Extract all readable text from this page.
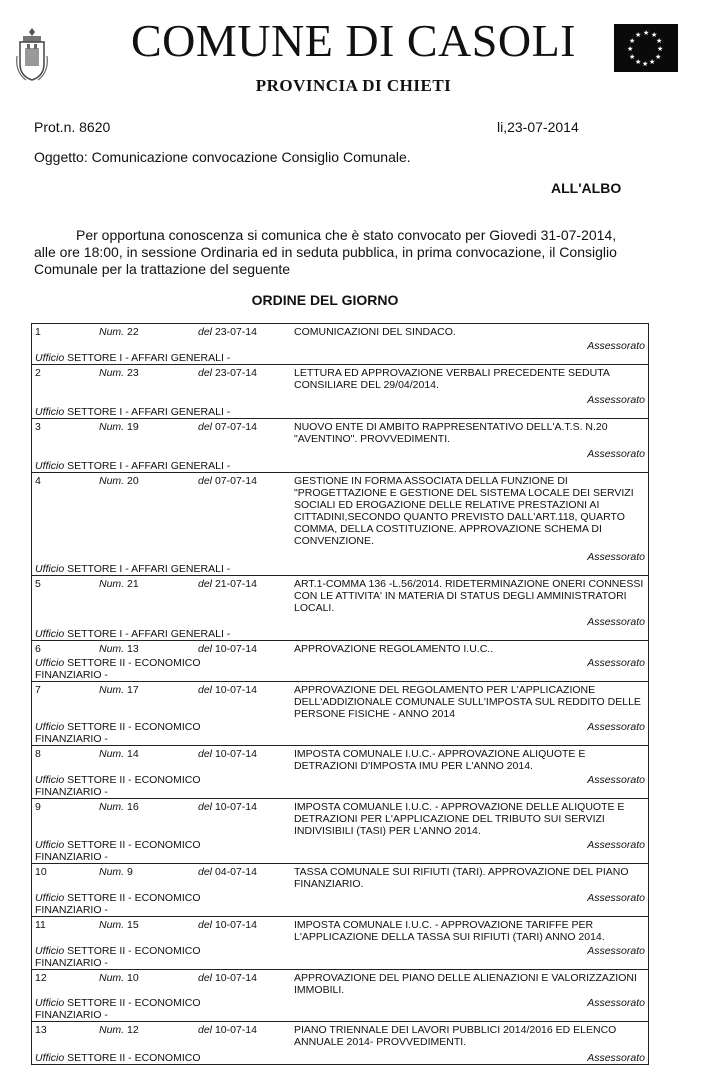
★ ★
★
★
★
★
★
★
★
★
★
★
COMUNE DI CASOLI
PROVINCIA DI CHIETI
Prot.n. 8620	li,23-07-2014
Oggetto: Comunicazione convocazione Consiglio Comunale.
ALL'ALBO
Per opportuna conoscenza si comunica che è stato convocato per Giovedi 31-07-2014, alle ore 18:00, in sessione Ordinaria ed in seduta pubblica, in prima convocazione, il Consiglio Comunale per la trattazione del seguente
ORDINE DEL GIORNO
1	Num. 22	del 23-07-14	COMUNICAZIONI DEL SINDACO.
Ufficio SETTORE I - AFFARI GENERALI -
Assessorato

2	Num. 23	del 23-07-14	LETTURA ED APPROVAZIONE VERBALI PRECEDENTE SEDUTA CONSILIARE DEL 29/04/2014.
Ufficio SETTORE I - AFFARI GENERALI -
Assessorato

3	Num. 19	del 07-07-14	NUOVO ENTE DI AMBITO RAPPRESENTATIVO DELL'A.T.S. N.20 "AVENTINO". PROVVEDIMENTI.
Ufficio SETTORE I - AFFARI GENERALI -
Assessorato

4	Num. 20	del 07-07-14	GESTIONE IN FORMA ASSOCIATA DELLA FUNZIONE DI "PROGETTAZIONE E GESTIONE DEL SISTEMA LOCALE DEI SERVIZI SOCIALI ED EROGAZIONE DELLE RELATIVE PRESTAZIONI AI CITTADINI,SECONDO QUANTO PREVISTO DALL'ART.118, QUARTO COMMA, DELLA COSTITUZIONE. APPROVAZIONE SCHEMA DI CONVENZIONE.
Ufficio SETTORE I - AFFARI GENERALI -
Assessorato

5	Num. 21	del 21-07-14	ART.1-COMMA 136 -L.56/2014. RIDETERMINAZIONE ONERI CONNESSI CON LE ATTIVITA' IN MATERIA DI STATUS DEGLI AMMINISTRATORI LOCALI.
Ufficio SETTORE I - AFFARI GENERALI -
Assessorato

6	Num. 13	del 10-07-14	APPROVAZIONE REGOLAMENTO I.U.C..
Ufficio SETTORE II - ECONOMICO FINANZIARIO -
Assessorato

7	Num. 17	del 10-07-14	APPROVAZIONE DEL REGOLAMENTO PER L'APPLICAZIONE DELL'ADDIZIONALE COMUNALE SULL'IMPOSTA SUL REDDITO DELLE PERSONE FISICHE - ANNO 2014
Ufficio SETTORE II - ECONOMICO FINANZIARIO -
Assessorato

8	Num. 14	del 10-07-14	IMPOSTA COMUNALE I.U.C.- APPROVAZIONE ALIQUOTE E DETRAZIONI D'IMPOSTA IMU PER L'ANNO 2014.
Ufficio SETTORE II - ECONOMICO FINANZIARIO -
Assessorato

9	Num. 16	del 10-07-14	IMPOSTA COMUANLE I.U.C. - APPROVAZIONE DELLE ALIQUOTE E DETRAZIONI PER L'APPLICAZIONE DEL TRIBUTO SUI SERVIZI INDIVISIBILI (TASI) PER L'ANNO 2014.
Ufficio SETTORE II - ECONOMICO FINANZIARIO -
Assessorato

10	Num. 9	del 04-07-14	TASSA COMUNALE SUI RIFIUTI (TARI). APPROVAZIONE DEL PIANO FINANZIARIO.
Ufficio SETTORE II - ECONOMICO FINANZIARIO -
Assessorato

11	Num. 15	del 10-07-14	IMPOSTA COMUNALE I.U.C. - APPROVAZIONE TARIFFE PER L'APPLICAZIONE DELLA TASSA SUI RIFIUTI (TARI) ANNO 2014.
Ufficio SETTORE II - ECONOMICO FINANZIARIO -
Assessorato

12	Num. 10	del 10-07-14	APPROVAZIONE DEL PIANO DELLE ALIENAZIONI E VALORIZZAZIONI IMMOBILI.
Ufficio SETTORE II - ECONOMICO FINANZIARIO -
Assessorato

13	Num. 12	del 10-07-14	PIANO TRIENNALE DEI LAVORI PUBBLICI 2014/2016 ED ELENCO ANNUALE 2014- PROVVEDIMENTI.
Ufficio SETTORE II - ECONOMICO	Assessorato
